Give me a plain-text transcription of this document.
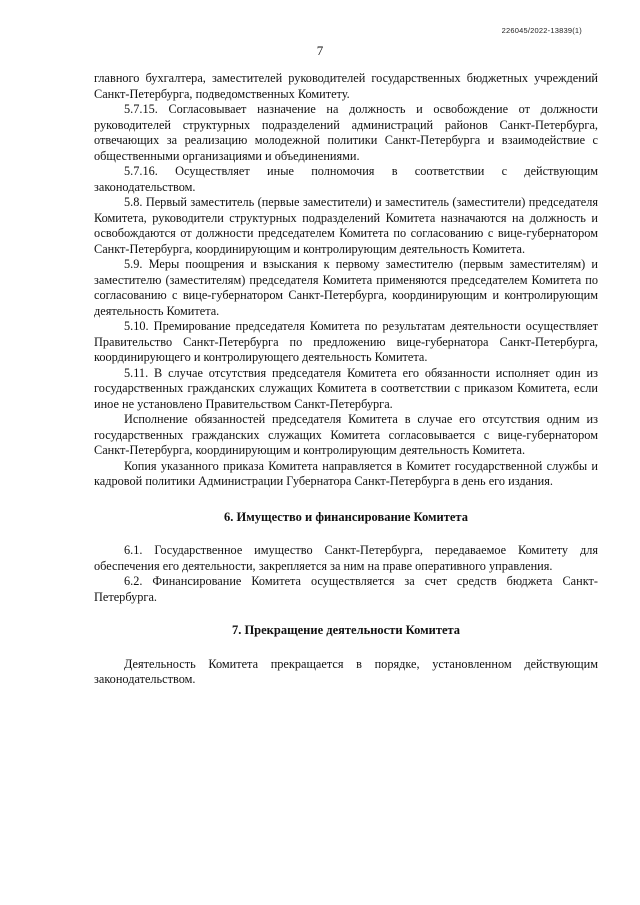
226045/2022-13839(1)
7

главного бухгалтера, заместителей руководителей государственных бюджетных учреждений Санкт-Петербурга, подведомственных Комитету.

5.7.15. Согласовывает назначение на должность и освобождение от должности руководителей структурных подразделений администраций районов Санкт-Петербурга, отвечающих за реализацию молодежной политики Санкт-Петербурга и взаимодействие с общественными организациями и объединениями.

5.7.16. Осуществляет иные полномочия в соответствии с действующим законодательством.

5.8. Первый заместитель (первые заместители) и заместитель (заместители) председателя Комитета, руководители структурных подразделений Комитета назначаются на должность и освобождаются от должности председателем Комитета по согласованию с вице-губернатором Санкт-Петербурга, координирующим и контролирующим деятельность Комитета.

5.9. Меры поощрения и взыскания к первому заместителю (первым заместителям) и заместителю (заместителям) председателя Комитета применяются председателем Комитета по согласованию с вице-губернатором Санкт-Петербурга, координирующим и контролирующим деятельность Комитета.

5.10. Премирование председателя Комитета по результатам деятельности осуществляет Правительство Санкт-Петербурга по предложению вице-губернатора Санкт-Петербурга, координирующего и контролирующего деятельность Комитета.

5.11. В случае отсутствия председателя Комитета его обязанности исполняет один из государственных гражданских служащих Комитета в соответствии с приказом Комитета, если иное не установлено Правительством Санкт-Петербурга.

Исполнение обязанностей председателя Комитета в случае его отсутствия одним из государственных гражданских служащих Комитета согласовывается с вице-губернатором Санкт-Петербурга, координирующим и контролирующим деятельность Комитета.

Копия указанного приказа Комитета направляется в Комитет государственной службы и кадровой политики Администрации Губернатора Санкт-Петербурга в день его издания.

6. Имущество и финансирование Комитета

6.1. Государственное имущество Санкт-Петербурга, передаваемое Комитету для обеспечения его деятельности, закрепляется за ним на праве оперативного управления.

6.2. Финансирование Комитета осуществляется за счет средств бюджета Санкт-Петербурга.

7. Прекращение деятельности Комитета

Деятельность Комитета прекращается в порядке, установленном действующим законодательством.
